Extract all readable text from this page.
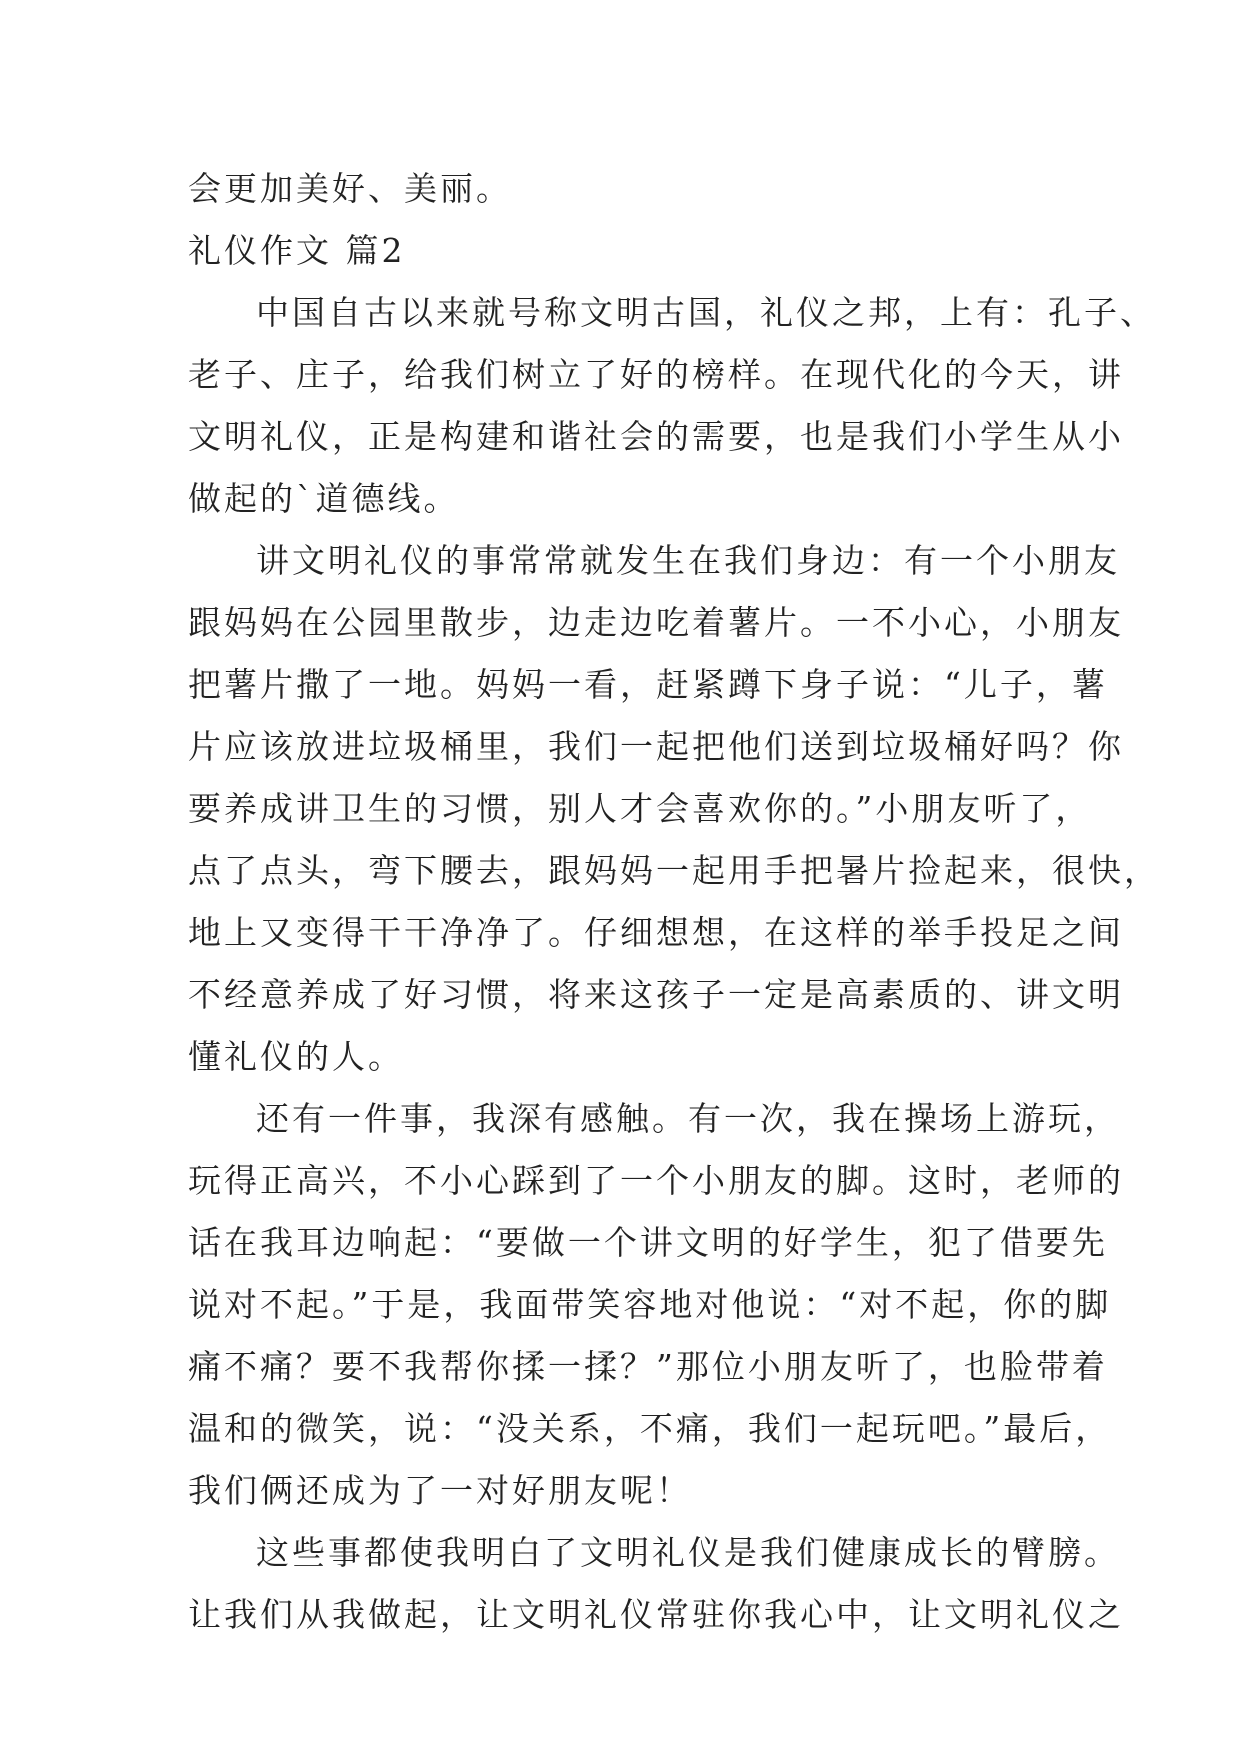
会更加美好、美丽。
礼仪作文 篇2
中国自古以来就号称文明古国，礼仪之邦，上有：孔子、
老子、庄子，给我们树立了好的榜样。在现代化的今天，讲
文明礼仪，正是构建和谐社会的需要，也是我们小学生从小
做起的`道德线。
讲文明礼仪的事常常就发生在我们身边：有一个小朋友
跟妈妈在公园里散步，边走边吃着薯片。一不小心，小朋友
把薯片撒了一地。妈妈一看，赶紧蹲下身子说：“儿子，薯
片应该放进垃圾桶里，我们一起把他们送到垃圾桶好吗？你
要养成讲卫生的习惯，别人才会喜欢你的。”小朋友听了，
点了点头，弯下腰去，跟妈妈一起用手把暑片捡起来，很快，
地上又变得干干净净了。仔细想想，在这样的举手投足之间
不经意养成了好习惯，将来这孩子一定是高素质的、讲文明
懂礼仪的人。
还有一件事，我深有感触。有一次，我在操场上游玩，
玩得正高兴，不小心踩到了一个小朋友的脚。这时，老师的
话在我耳边响起：“要做一个讲文明的好学生，犯了借要先
说对不起。”于是，我面带笑容地对他说：“对不起，你的脚
痛不痛？要不我帮你揉一揉？”那位小朋友听了，也脸带着
温和的微笑，说：“没关系，不痛，我们一起玩吧。”最后，
我们俩还成为了一对好朋友呢！
这些事都使我明白了文明礼仪是我们健康成长的臂膀。
让我们从我做起，让文明礼仪常驻你我心中，让文明礼仪之
